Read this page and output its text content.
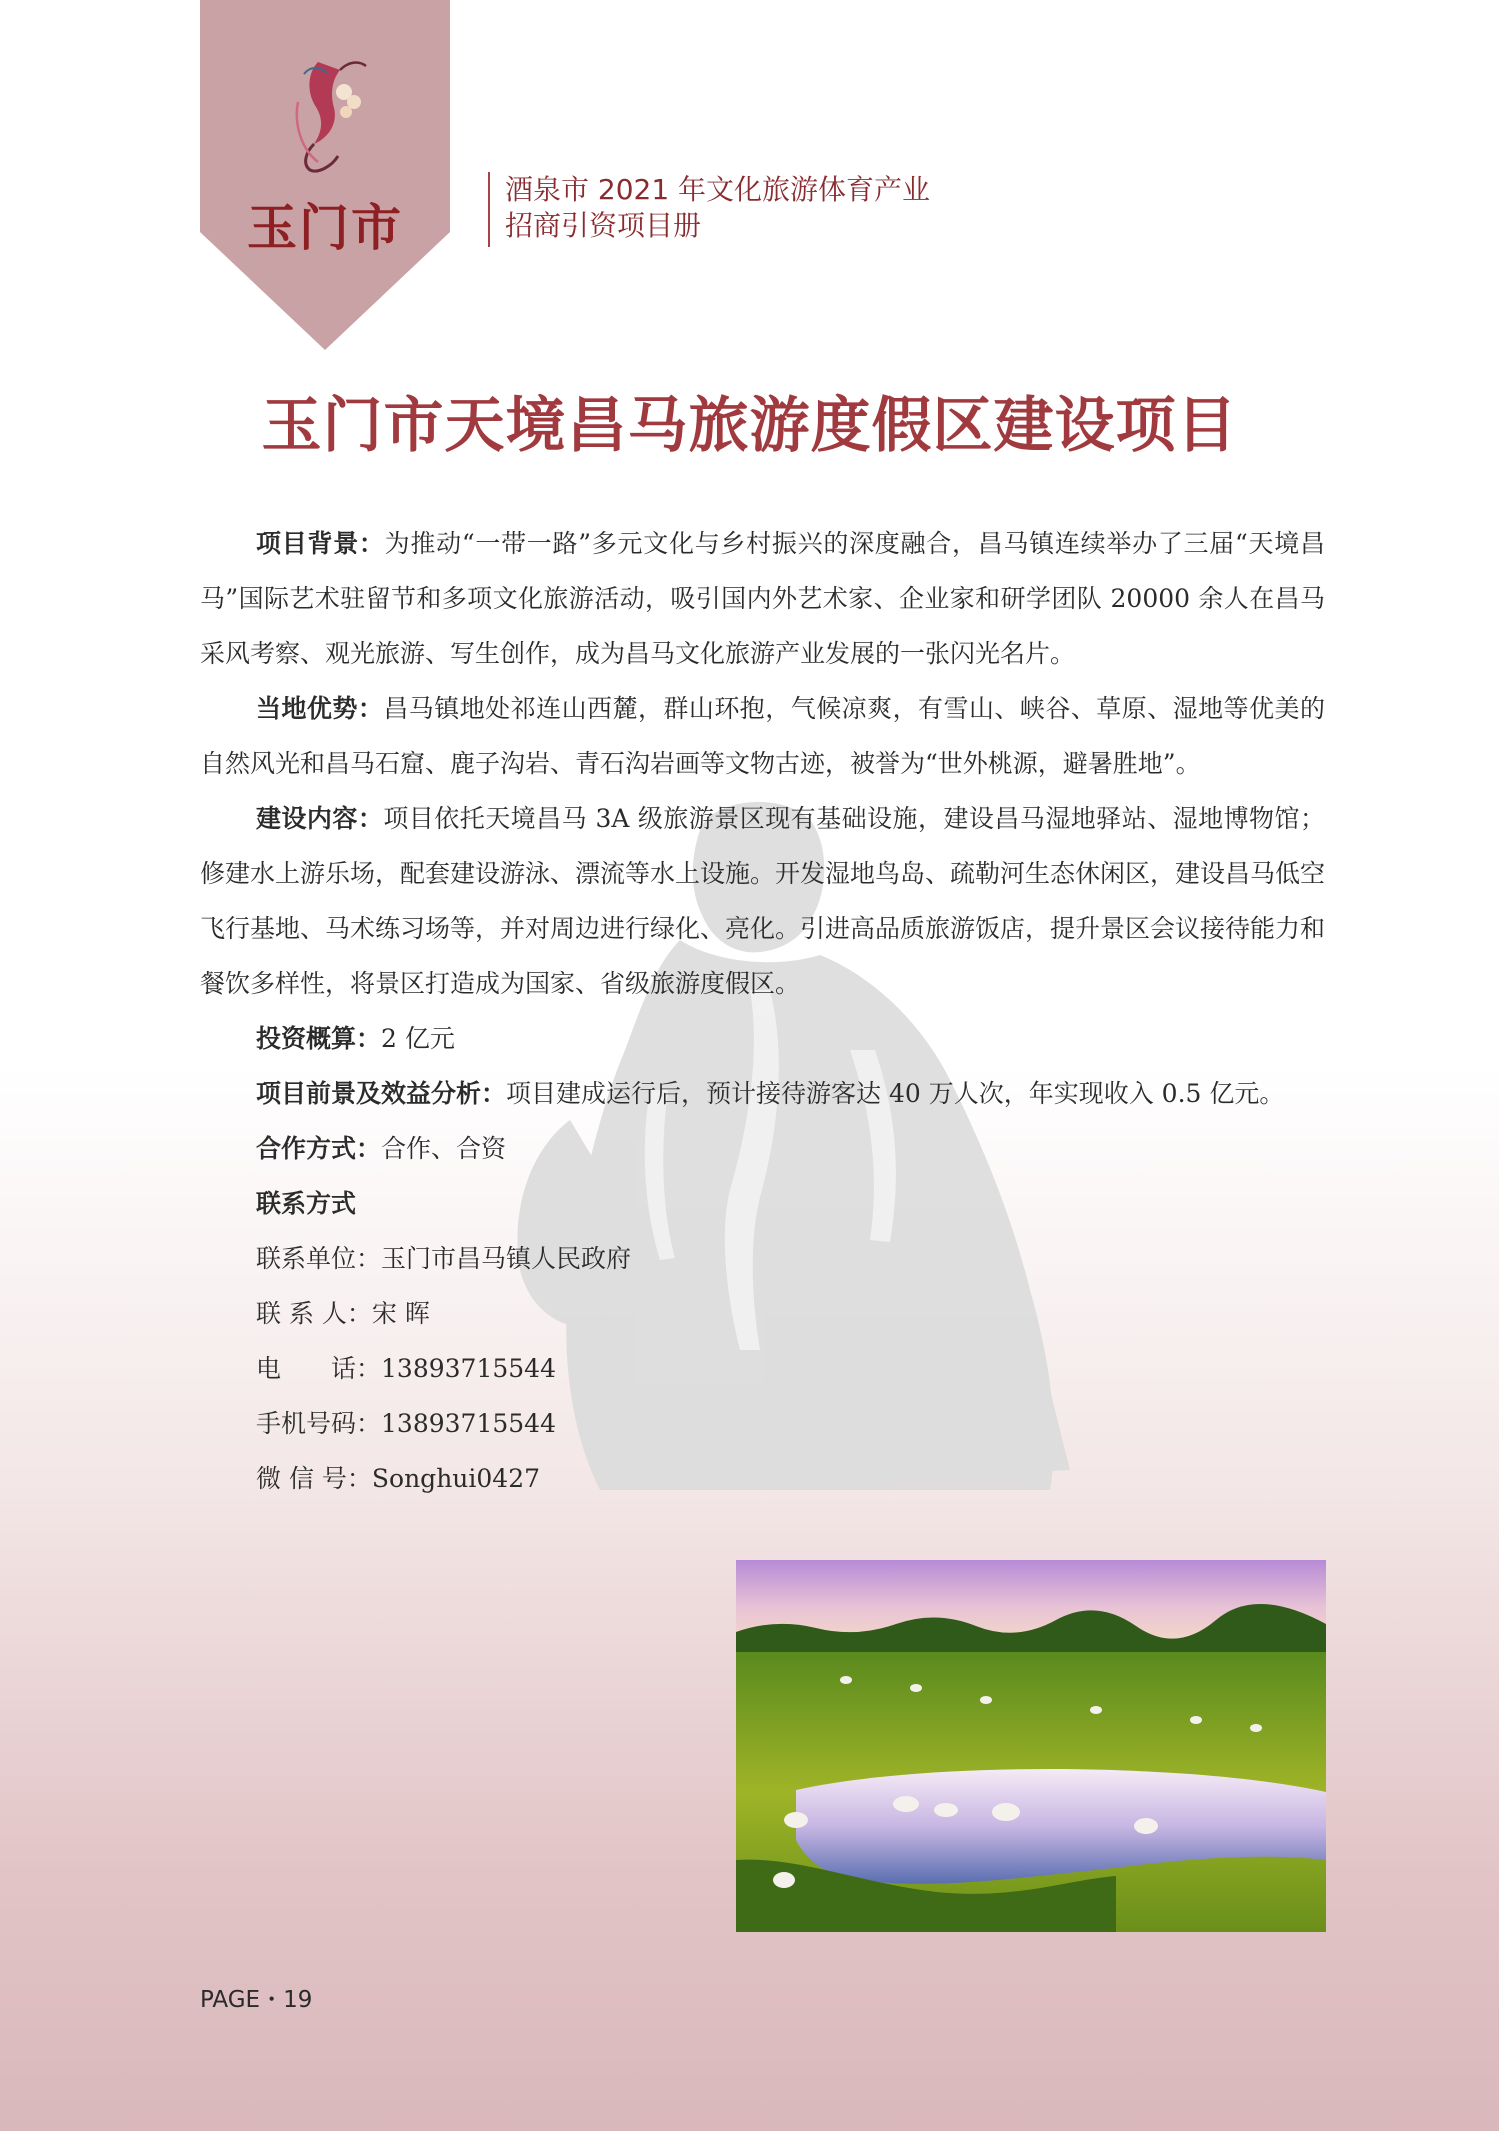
玉门市
酒泉市 2021 年文化旅游体育产业
招商引资项目册
玉门市天境昌马旅游度假区建设项目

项目背景：为推动“一带一路”多元文化与乡村振兴的深度融合，昌马镇连续举办了三届“天境昌马”国际艺术驻留节和多项文化旅游活动，吸引国内外艺术家、企业家和研学团队 20000 余人在昌马采风考察、观光旅游、写生创作，成为昌马文化旅游产业发展的一张闪光名片。

当地优势：昌马镇地处祁连山西麓，群山环抱，气候凉爽，有雪山、峡谷、草原、湿地等优美的自然风光和昌马石窟、鹿子沟岩、青石沟岩画等文物古迹，被誉为“世外桃源，避暑胜地”。

建设内容：项目依托天境昌马 3A 级旅游景区现有基础设施，建设昌马湿地驿站、湿地博物馆；修建水上游乐场，配套建设游泳、漂流等水上设施。开发湿地鸟岛、疏勒河生态休闲区，建设昌马低空飞行基地、马术练习场等，并对周边进行绿化、亮化。引进高品质旅游饭店，提升景区会议接待能力和餐饮多样性，将景区打造成为国家、省级旅游度假区。

投资概算：2 亿元

项目前景及效益分析：项目建成运行后，预计接待游客达 40 万人次，年实现收入 0.5 亿元。

合作方式：合作、合资

联系方式

联系单位：玉门市昌马镇人民政府

联 系 人：宋 晖

电　　话：13893715544

手机号码：13893715544

微 信 号：Songhui0427

PAGE・19
